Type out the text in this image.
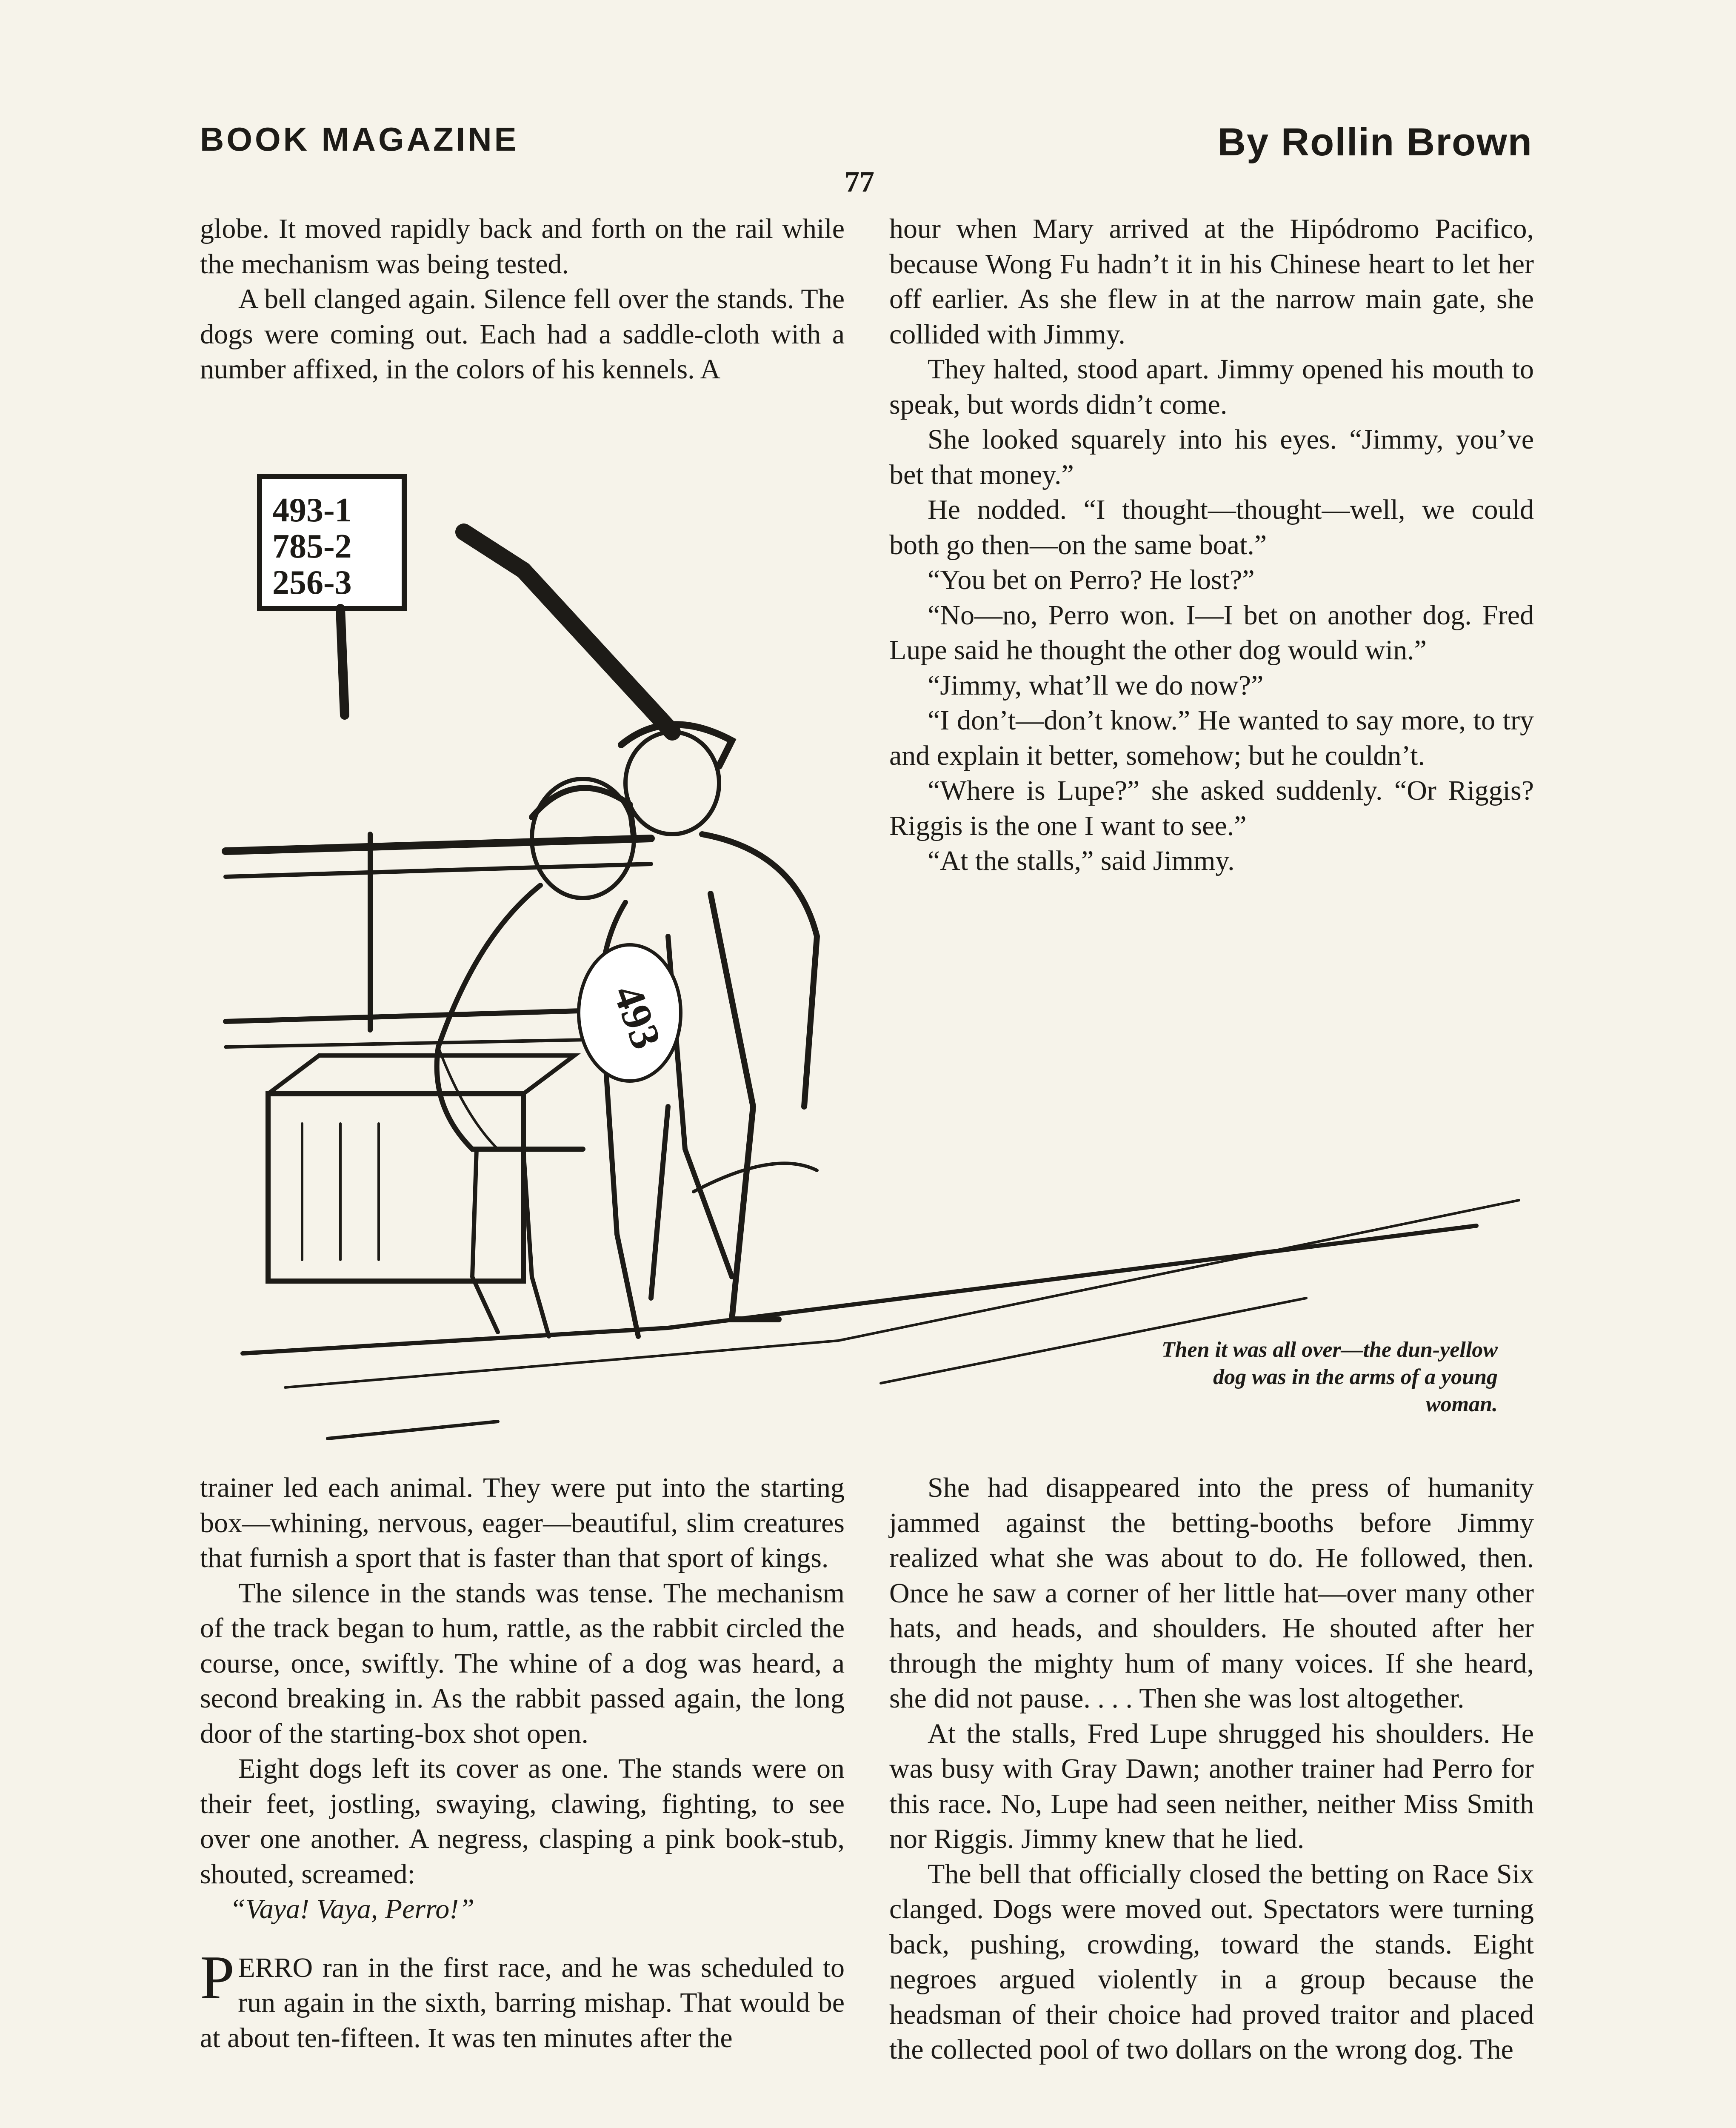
BOOK MAGAZINE	By Rollin Brown
77

globe. It moved rapidly back and forth on the rail while the mechanism was being tested.

A bell clanged again. Silence fell over the stands. The dogs were coming out. Each had a saddle-cloth with a number affixed, in the colors of his kennels. A

hour when Mary arrived at the Hipódromo Pacifico, because Wong Fu hadn’t it in his Chinese heart to let her off earlier. As she flew in at the narrow main gate, she collided with Jimmy.

They halted, stood apart. Jimmy opened his mouth to speak, but words didn’t come.

She looked squarely into his eyes. “Jimmy, you’ve bet that money.”

He nodded. “I thought—thought—well, we could both go then—on the same boat.”

“You bet on Perro? He lost?”

“No—no, Perro won. I—I bet on another dog. Fred Lupe said he thought the other dog would win.”

“Jimmy, what’ll we do now?”

“I don’t—don’t know.” He wanted to say more, to try and explain it better, somehow; but he couldn’t.

“Where is Lupe?” she asked suddenly. “Or Riggis? Riggis is the one I want to see.”

“At the stalls,” said Jimmy.

493-1
785-2
256-3
493
Then it was all over—the dun-yellow dog was in the arms of a young woman.

trainer led each animal. They were put into the starting box—whining, nervous, eager—beautiful, slim creatures that furnish a sport that is faster than that sport of kings.

The silence in the stands was tense. The mechanism of the track began to hum, rattle, as the rabbit circled the course, once, swiftly. The whine of a dog was heard, a second breaking in. As the rabbit passed again, the long door of the starting-box shot open.

Eight dogs left its cover as one. The stands were on their feet, jostling, swaying, clawing, fighting, to see over one another. A negress, clasping a pink book-stub, shouted, screamed:

“Vaya! Vaya, Perro!”

PERRO ran in the first race, and he was scheduled to run again in the sixth, barring mishap. That would be at about ten-fifteen. It was ten minutes after the

She had disappeared into the press of humanity jammed against the betting-booths before Jimmy realized what she was about to do. He followed, then. Once he saw a corner of her little hat—over many other hats, and heads, and shoulders. He shouted after her through the mighty hum of many voices. If she heard, she did not pause. . . . Then she was lost altogether.

At the stalls, Fred Lupe shrugged his shoulders. He was busy with Gray Dawn; another trainer had Perro for this race. No, Lupe had seen neither, neither Miss Smith nor Riggis. Jimmy knew that he lied.

The bell that officially closed the betting on Race Six clanged. Dogs were moved out. Spectators were turning back, pushing, crowding, toward the stands. Eight negroes argued violently in a group because the headsman of their choice had proved traitor and placed the collected pool of two dollars on the wrong dog. The
